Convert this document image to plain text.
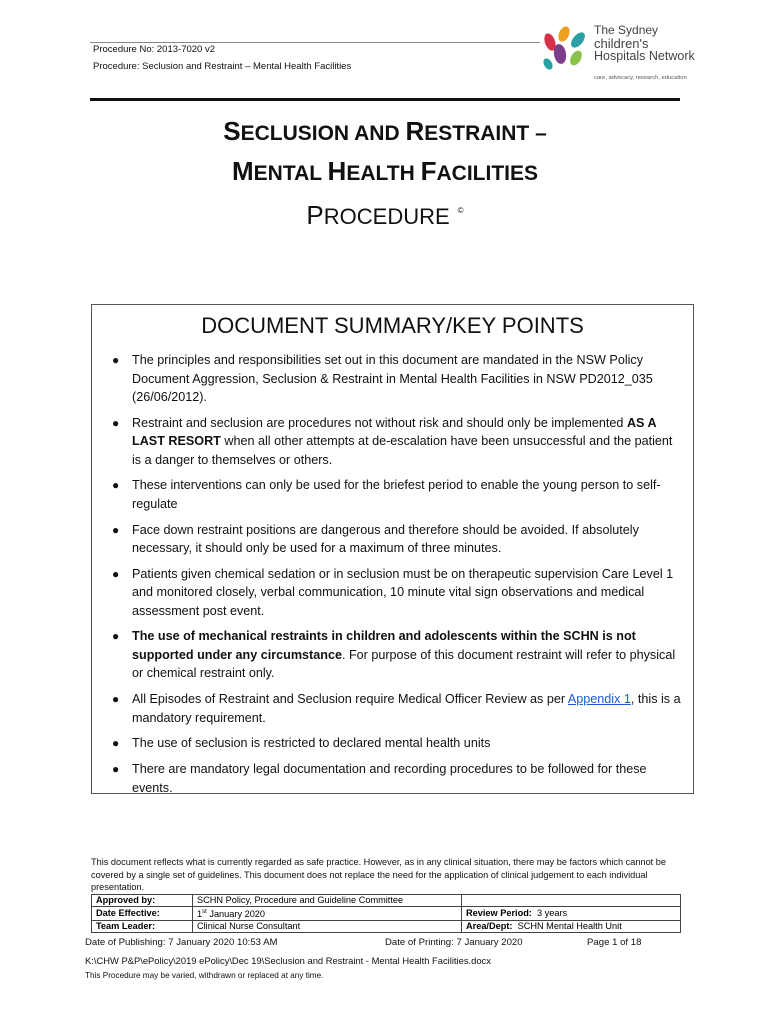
Procedure No: 2013-7020 v2
Procedure: Seclusion and Restraint – Mental Health Facilities
The Sydney
children's
Hospitals Network
care, advocacy, research, education
SECLUSION AND RESTRAINT –
MENTAL HEALTH FACILITIES
PROCEDURE ©
DOCUMENT SUMMARY/KEY POINTS
● The principles and responsibilities set out in this document are mandated in the NSW Policy Document Aggression, Seclusion & Restraint in Mental Health Facilities in NSW PD2012_035 (26/06/2012).
● Restraint and seclusion are procedures not without risk and should only be implemented AS A LAST RESORT when all other attempts at de-escalation have been unsuccessful and the patient is a danger to themselves or others.
● These interventions can only be used for the briefest period to enable the young person to self-regulate
● Face down restraint positions are dangerous and therefore should be avoided. If absolutely necessary, it should only be used for a maximum of three minutes.
● Patients given chemical sedation or in seclusion must be on therapeutic supervision Care Level 1 and monitored closely, verbal communication, 10 minute vital sign observations and medical assessment post event.
● The use of mechanical restraints in children and adolescents within the SCHN is not supported under any circumstance. For purpose of this document restraint will refer to physical or chemical restraint only.
● All Episodes of Restraint and Seclusion require Medical Officer Review as per Appendix 1, this is a mandatory requirement.
● The use of seclusion is restricted to declared mental health units
● There are mandatory legal documentation and recording procedures to be followed for these events.
This document reflects what is currently regarded as safe practice. However, as in any clinical situation, there may be factors which cannot be covered by a single set of guidelines. This document does not replace the need for the application of clinical judgement to each individual presentation.
Approved by:	SCHN Policy, Procedure and Guideline Committee	
Date Effective:	1st January 2020	Review Period: 3 years
Team Leader:	Clinical Nurse Consultant	Area/Dept: SCHN Mental Health Unit
Date of Publishing: 7 January 2020 10:53 AM	Date of Printing: 7 January 2020	Page 1 of 18
K:\CHW P&P\ePolicy\2019 ePolicy\Dec 19\Seclusion and Restraint - Mental Health Facilities.docx
This Procedure may be varied, withdrawn or replaced at any time.
